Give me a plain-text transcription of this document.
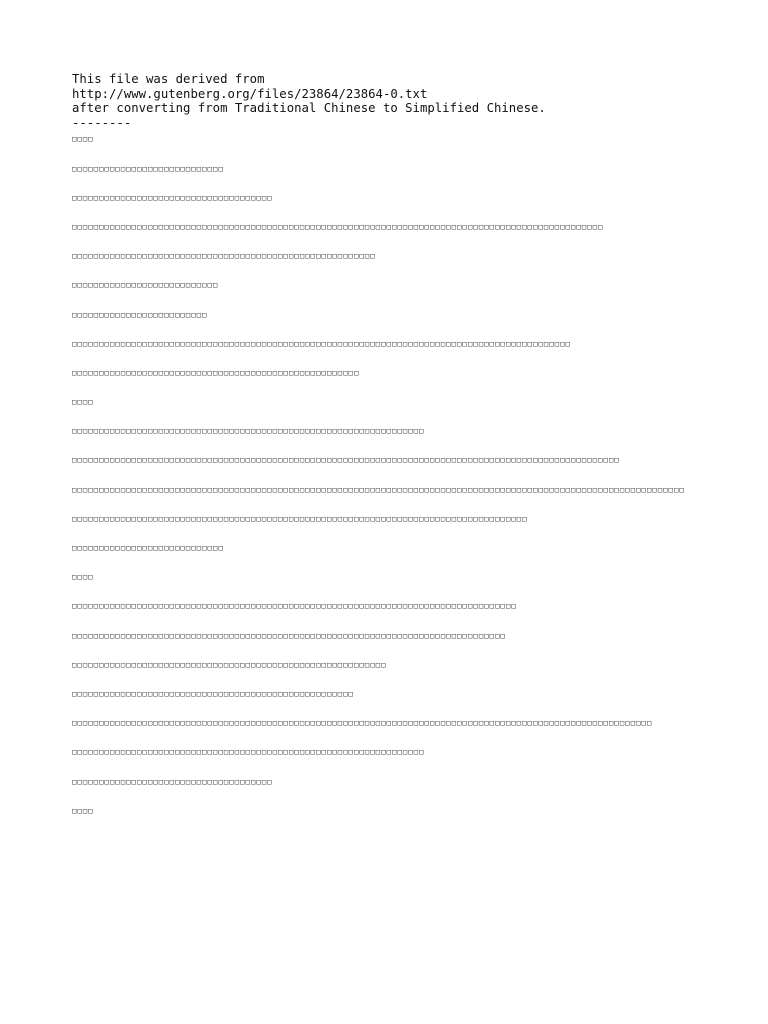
This file was derived from
http://www.gutenberg.org/files/23864/23864-0.txt
after converting from Traditional Chinese to Simplified Chinese.
--------
□□□□
□□□□□□□□□□□□□□□□□□□□□□□□□□□□
□□□□□□□□□□□□□□□□□□□□□□□□□□□□□□□□□□□□□
□□□□□□□□□□□□□□□□□□□□□□□□□□□□□□□□□□□□□□□□□□□□□□□□□□□□□□□□□□□□□□□□□□□□□□□□□□□□□□□□□□□□□□□□□□□□□□□□□□
□□□□□□□□□□□□□□□□□□□□□□□□□□□□□□□□□□□□□□□□□□□□□□□□□□□□□□□□
□□□□□□□□□□□□□□□□□□□□□□□□□□□
□□□□□□□□□□□□□□□□□□□□□□□□□
□□□□□□□□□□□□□□□□□□□□□□□□□□□□□□□□□□□□□□□□□□□□□□□□□□□□□□□□□□□□□□□□□□□□□□□□□□□□□□□□□□□□□□□□□□□□
□□□□□□□□□□□□□□□□□□□□□□□□□□□□□□□□□□□□□□□□□□□□□□□□□□□□□
□□□□
□□□□□□□□□□□□□□□□□□□□□□□□□□□□□□□□□□□□□□□□□□□□□□□□□□□□□□□□□□□□□□□□□
□□□□□□□□□□□□□□□□□□□□□□□□□□□□□□□□□□□□□□□□□□□□□□□□□□□□□□□□□□□□□□□□□□□□□□□□□□□□□□□□□□□□□□□□□□□□□□□□□□□□□
□□□□□□□□□□□□□□□□□□□□□□□□□□□□□□□□□□□□□□□□□□□□□□□□□□□□□□□□□□□□□□□□□□□□□□□□□□□□□□□□□□□□□□□□□□□□□□□□□□□□□□□□□□□□□□□□□
□□□□□□□□□□□□□□□□□□□□□□□□□□□□□□□□□□□□□□□□□□□□□□□□□□□□□□□□□□□□□□□□□□□□□□□□□□□□□□□□□□□□
□□□□□□□□□□□□□□□□□□□□□□□□□□□□
□□□□
□□□□□□□□□□□□□□□□□□□□□□□□□□□□□□□□□□□□□□□□□□□□□□□□□□□□□□□□□□□□□□□□□□□□□□□□□□□□□□□□□□
□□□□□□□□□□□□□□□□□□□□□□□□□□□□□□□□□□□□□□□□□□□□□□□□□□□□□□□□□□□□□□□□□□□□□□□□□□□□□□□□
□□□□□□□□□□□□□□□□□□□□□□□□□□□□□□□□□□□□□□□□□□□□□□□□□□□□□□□□□□
□□□□□□□□□□□□□□□□□□□□□□□□□□□□□□□□□□□□□□□□□□□□□□□□□□□□
□□□□□□□□□□□□□□□□□□□□□□□□□□□□□□□□□□□□□□□□□□□□□□□□□□□□□□□□□□□□□□□□□□□□□□□□□□□□□□□□□□□□□□□□□□□□□□□□□□□□□□□□□□□
□□□□□□□□□□□□□□□□□□□□□□□□□□□□□□□□□□□□□□□□□□□□□□□□□□□□□□□□□□□□□□□□□
□□□□□□□□□□□□□□□□□□□□□□□□□□□□□□□□□□□□□
□□□□
